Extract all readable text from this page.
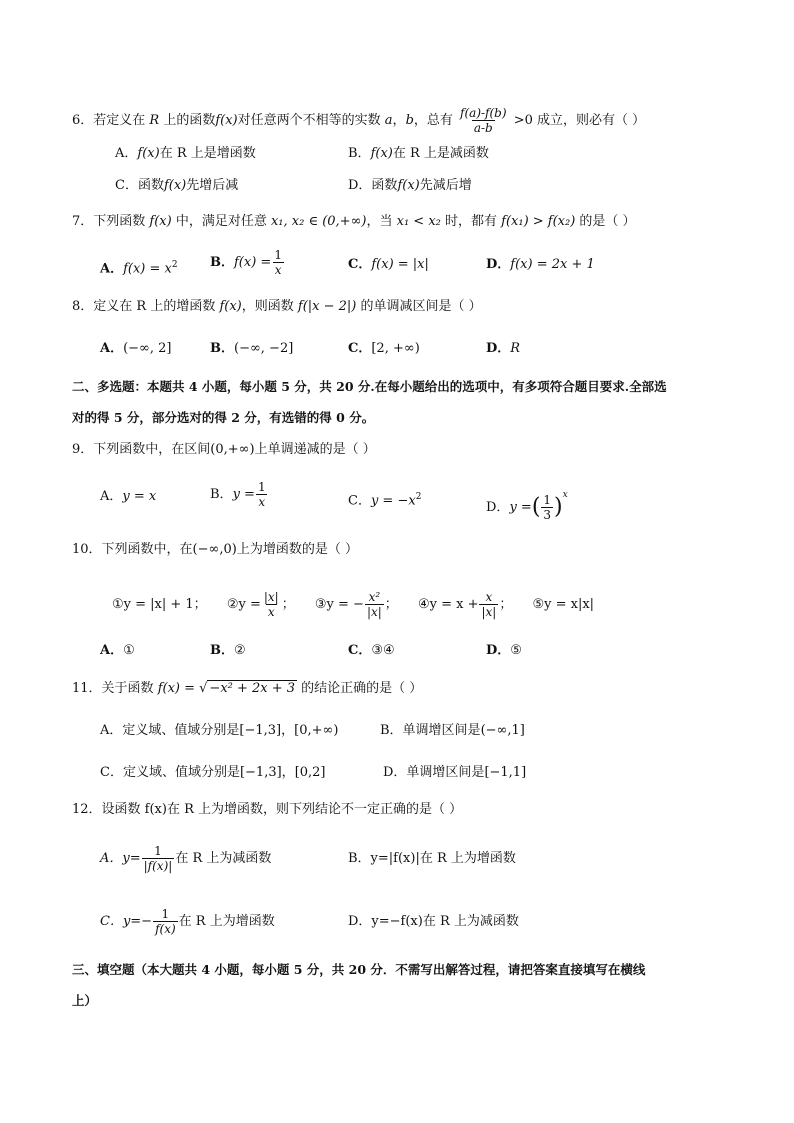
6．若定义在 R 上的函数f(x)对任意两个不相等的实数 a，b，总有 $\frac{f(a)-f(b)}{a-b} >0$ 成立，则必有（ ）
A．f(x)在 R 上是增函数	B．f(x)在 R 上是减函数
C．函数f(x)先增后减	D．函数f(x)先减后增
7．下列函数 f(x) 中，满足对任意 x₁, x₂ ∈ (0,+∞)，当 x₁ < x₂ 时，都有 f(x₁) > f(x₂) 的是（ ）
A．$f(x) = x^2$ B．$f(x) = \frac{1}{x}$	C．f(x) = |x|	D．f(x) = 2x + 1
8．定义在 R 上的增函数 f(x)，则函数 f(|x − 2|) 的单调减区间是（ ）
A．(−∞, 2]	B．(−∞, −2]	C．[2, +∞)	D．R
二、多选题：本题共 4 小题，每小题 5 分，共 20 分.在每小题给出的选项中，有多项符合题目要求.全部选
对的得 5 分，部分选对的得 2 分，有选错的得 0 分。
9．下列函数中，在区间(0,+∞)上单调递减的是（ ）
A．y = x	B．$y = \frac{1}{x}$	C．$y = -x^2$
D．y =( $\frac{1}{3} )^x$
10．下列函数中，在(−∞,0)上为增函数的是（ ）
①y = |x| + 1； ②y = $\frac{|x|}{x}$ ； ③y = − $\frac{\text{x²}}{|x|}$ ； ④y = $x + \frac{x}{|x|}$ ； ⑤y = x|x|
A．①	B．②	C．③④	D．⑤
11．关于函数 f(x) = √ −x² + 2x + 3 的结论正确的是（ ）
A．定义域、值域分别是[−1,3]，[0,+∞)	B．单调增区间是(−∞,1]
C．定义域、值域分别是[−1,3]，[0,2]	D．单调增区间是[−1,1]
12．设函数 f(x)在 R 上为增函数，则下列结论不一定正确的是（ ）
A．$y= \frac{1}{|f(x)|}$ 在 R 上为减函数	B．y=|f(x)|在 R 上为增函数
C．$y=- \frac{1}{f(x)}$ 在 R 上为增函数	D．y=−f(x)在 R 上为减函数
三、填空题（本大题共 4 小题，每小题 5 分，共 20 分．不需写出解答过程，请把答案直接填写在横线
上）
